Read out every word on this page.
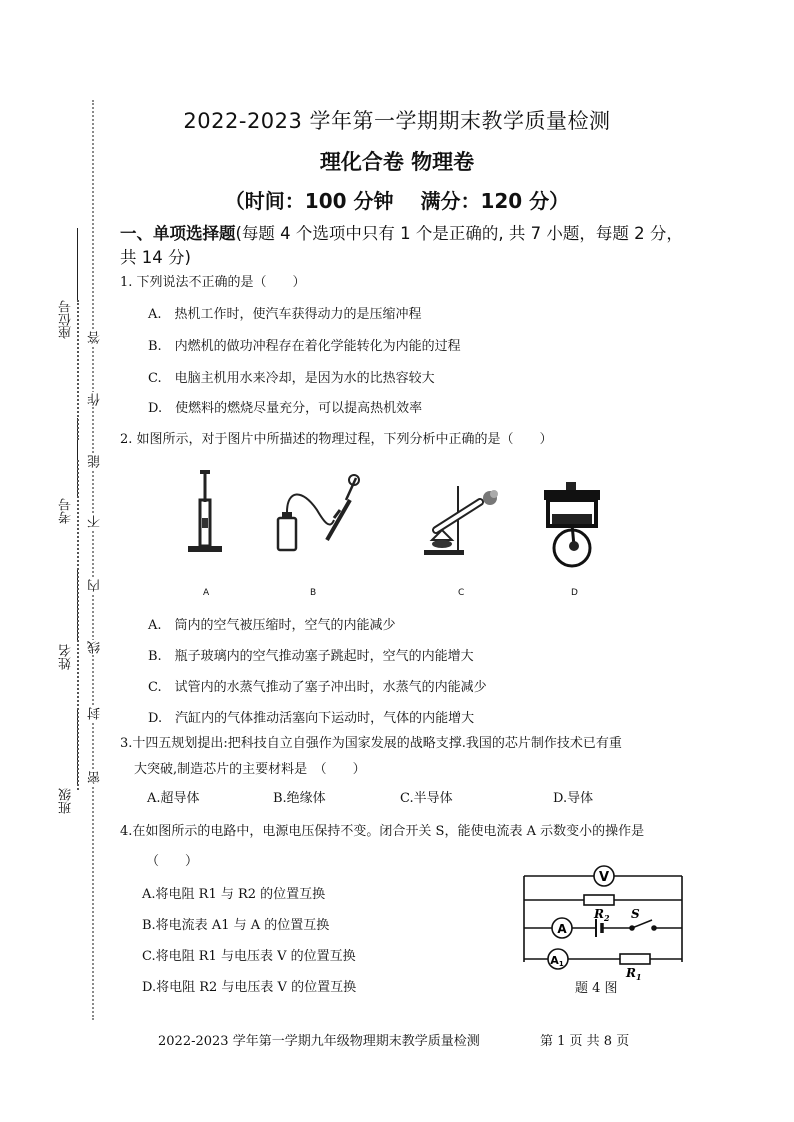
座位号
考号
姓名
班级
答
作
能
不
内
线
封
密
2022-2023 学年第一学期期末教学质量检测
理化合卷 物理卷
（时间：100 分钟　 满分：120 分）
一、单项选择题(每题 4 个选项中只有 1 个是正确的, 共 7 小题，每题 2 分，共 14 分)
1. 下列说法不正确的是（　　）
A.　热机工作时，使汽车获得动力的是压缩冲程
B.　内燃机的做功冲程存在着化学能转化为内能的过程
C.　电脑主机用水来冷却，是因为水的比热容较大
D.　使燃料的燃烧尽量充分，可以提高热机效率
2. 如图所示，对于图片中所描述的物理过程，下列分析中正确的是（　　）
A	B	C	D
A.　筒内的空气被压缩时，空气的内能减少
B.　瓶子玻璃内的空气推动塞子跳起时，空气的内能增大
C.　试管内的水蒸气推动了塞子冲出时，水蒸气的内能减少
D.　汽缸内的气体推动活塞向下运动时，气体的内能增大
3.十四五规划提出:把科技自立自强作为国家发展的战略支撑.我国的芯片制作技术已有重
大突破,制造芯片的主要材料是　（　　）
A.超导体	B.绝缘体	C.半导体	D.导体
4.在如图所示的电路中，电源电压保持不变。闭合开关 S，能使电流表 A 示数变小的操作是
（　　）
A.将电阻 R1 与 R2 的位置互换
B.将电流表 A1 与 A 的位置互换
C.将电阻 R1 与电压表 V 的位置互换
D.将电阻 R2 与电压表 V 的位置互换
V
A
A1
$R_2$ S
$R_1$
题 4 图
2022-2023 学年第一学期九年级物理期末教学质量检测	第 1 页 共 8 页
